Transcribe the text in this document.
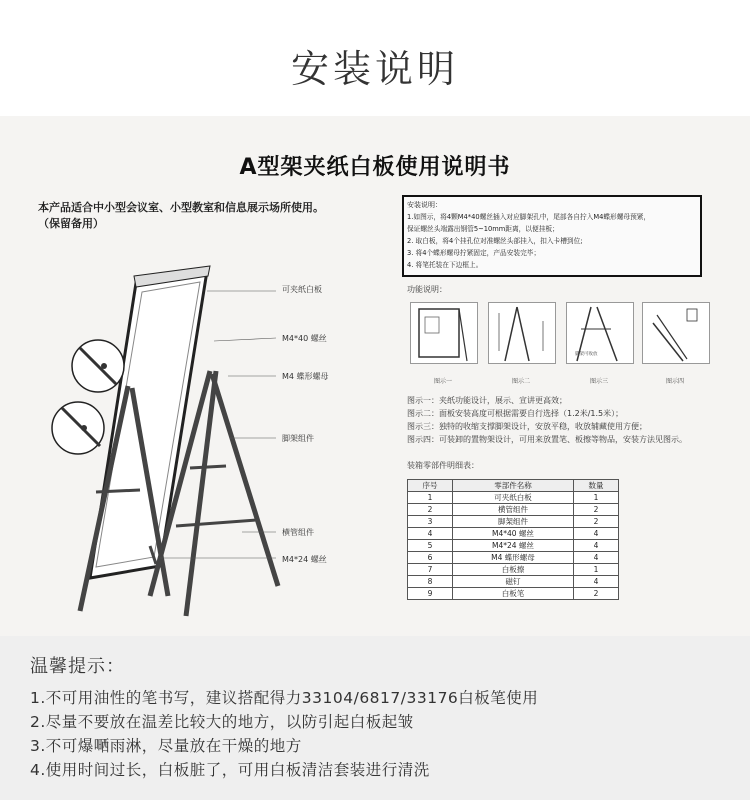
安装说明
A型架夹纸白板使用说明书
本产品适合中小型会议室、小型教室和信息展示场所使用。
（保留备用）
安装说明：
1.如图示，将4颗M4*40螺丝插入对应脚架孔中，尾部各自拧入M4蝶形螺母预紧，
保证螺丝头端露出钢管5~10mm距离，以便挂板；
2. 取白板，将4个挂孔位对准螺丝头部挂入，扣入卡槽到位;
3. 将4个蝶形螺母拧紧固定，产品安装完毕；
4. 将笔托装在下边框上。
功能说明：
脚架可收放
图示一	图示二	图示三	图示四
图示一：夹纸功能设计，展示、宣讲更高效；
图示二：面板安装高度可根据需要自行选择（1.2米/1.5米）；
图示三：独特的收缩支撑脚架设计，安放平稳，收放辅藏使用方便；
图示四：可装卸的置物架设计，可用来放置笔、板擦等物品，安装方法见图示。
装箱零部件明细表：
序号	零部件名称	数量
1	可夹纸白板	1
2	横管组件	2
3	脚架组件	2
4	M4*40 螺丝	4
5	M4*24 螺丝	4
6	M4 蝶形螺母	4
7	白板擦	1
8	磁钉	4
9	白板笔	2
可夹纸白板
M4*40 螺丝
M4 蝶形螺母
脚架组件
横管组件
M4*24 螺丝
温馨提示：
1.不可用油性的笔书写，建议搭配得力33104/6817/33176白板笔使用
2.尽量不要放在温差比较大的地方，以防引起白板起皱
3.不可爆嗮雨淋，尽量放在干燥的地方
4.使用时间过长，白板脏了，可用白板清洁套装进行清洗
